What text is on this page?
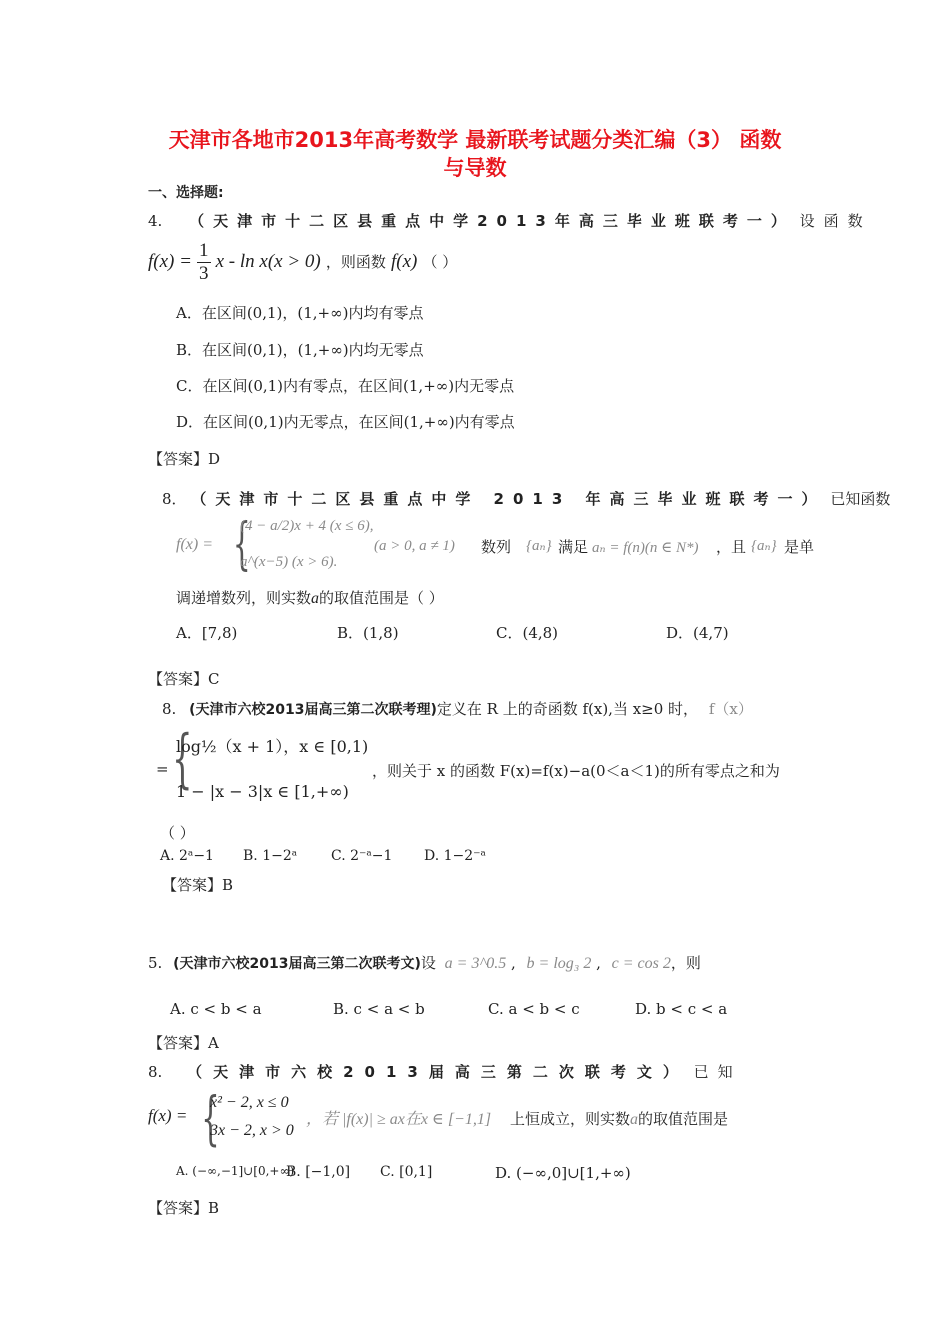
天津市各地市2013年高考数学 最新联考试题分类汇编（3） 函数
与导数
一、选择题:
4. （天津市十二区县重点中学2013年高三毕业班联考一） 设函数
$f(x) = \frac{1}{3}$ x - ln x(x > 0) ，则函数 f(x) （ ）
A．在区间(0,1)，(1,+∞)内均有零点
B．在区间(0,1)，(1,+∞)内均无零点
C．在区间(0,1)内有零点，在区间(1,+∞)内无零点
D．在区间(0,1)内无零点，在区间(1,+∞)内有零点
【答案】D
8． （天津市十二区县重点中学 2013 年高三毕业班联考一） 已知函数
f(x) = {
(4 − a/2)x + 4 (x ≤ 6),
a^(x−5) (x > 6).
(a > 0, a ≠ 1) 数列 {aₙ} 满足 aₙ = f(n)(n ∈ N*) ，且 {aₙ} 是单
调递增数列，则实数a的取值范围是（ ）
A．[7,8)	B．(1,8)	C．(4,8)	D．(4,7)
【答案】C
8. (天津市六校2013届高三第二次联考理)定义在 R 上的奇函数 f(x),当 x≥0 时， f（x）
= {
log½（x + 1），x ∈ [0,1)
1 − |x − 3|x ∈ [1,+∞)
，则关于 x 的函数 F(x)=f(x)−a(0＜a＜1)的所有零点之和为
（ ）
A. 2ᵃ−1 B. 1−2ᵃ C. 2⁻ᵃ−1 D. 1−2⁻ᵃ
【答案】B
5. (天津市六校2013届高三第二次联考文)设 a = 3^0.5 , b = log₃ 2 , c = cos 2，则
A. c < b < a	B. c < a < b	C. a < b < c	D. b < c < a
【答案】A
8. （天津市六校2013届高三第二次联考文） 已知
f(x) = {
x² − 2, x ≤ 0
3x − 2, x > 0
，若 |f(x)| ≥ ax在x ∈ [−1,1] 上恒成立，则实数a的取值范围是
A. (−∞,−1]∪[0,+∞)
B. [−1,0] C. [0,1]	D. (−∞,0]∪[1,+∞)
【答案】B
